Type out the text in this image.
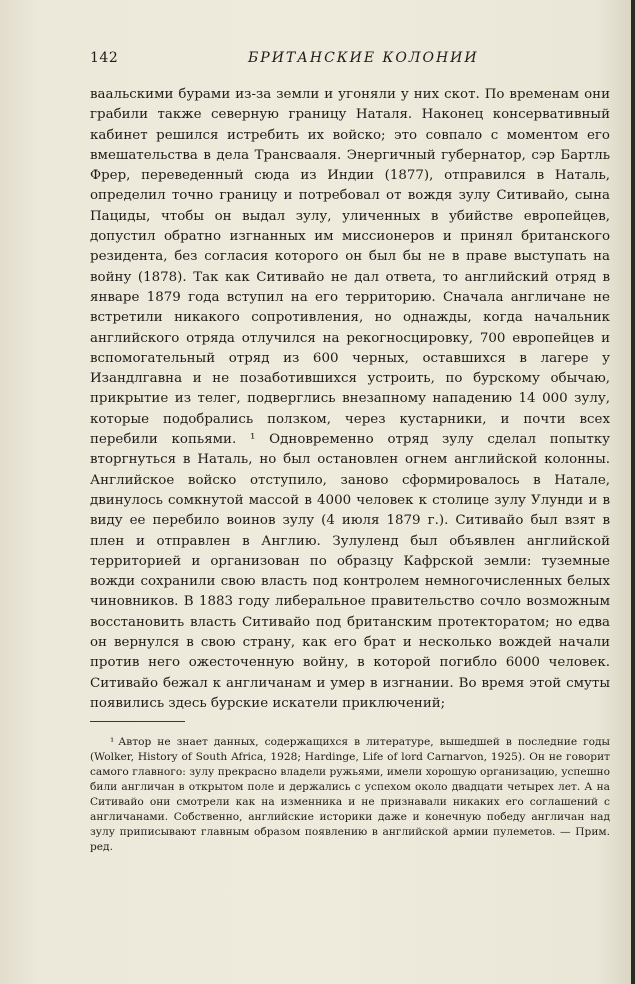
142	БРИТАНСКИЕ КОЛОНИИ

ваальскими бурами из-за земли и угоняли у них скот. По временам они грабили также северную границу Наталя. Наконец консервативный кабинет решился истребить их войско; это совпало с моментом его вмешательства в дела Трансвааля. Энергичный губернатор, сэр Бартль Фрер, переведенный сюда из Индии (1877), отправился в Наталь, определил точно границу и потребовал от вождя зулу Ситивайо, сына Пациды, чтобы он выдал зулу, уличенных в убийстве европейцев, допустил обратно изгнанных им миссионеров и принял британского резидента, без согласия которого он был бы не в праве выступать на войну (1878). Так как Ситивайо не дал ответа, то английский отряд в январе 1879 года вступил на его территорию. Сначала англичане не встретили никакого сопротивления, но однажды, когда начальник английского отряда отлучился на рекогносцировку, 700 европейцев и вспомогательный отряд из 600 черных, оставшихся в лагере у Изандлгавна и не позаботившихся устроить, по бурскому обычаю, прикрытие из телег, подверглись внезапному нападению 14 000 зулу, которые подобрались ползком, через кустарники, и почти всех перебили копьями. ¹ Одновременно отряд зулу сделал попытку вторгнуться в Наталь, но был остановлен огнем английской колонны. Английское войско отступило, заново сформировалось в Натале, двинулось сомкнутой массой в 4000 человек к столице зулу Улунди и в виду ее перебило воинов зулу (4 июля 1879 г.). Ситивайо был взят в плен и отправлен в Англию. Зулуленд был объявлен английской территорией и организован по образцу Кафрской земли: туземные вожди сохранили свою власть под контролем немногочисленных белых чиновников. В 1883 году либеральное правительство сочло возможным восстановить власть Ситивайо под британским протекторатом; но едва он вернулся в свою страну, как его брат и несколько вождей начали против него ожесточенную войну, в которой погибло 6000 человек. Ситивайо бежал к англичанам и умер в изгнании. Во время этой смуты появились здесь бурские искатели приключений;

¹ Автор не знает данных, содержащихся в литературе, вышедшей в последние годы (Wolker, History of South Africa, 1928; Hardinge, Life of lord Carnarvon, 1925). Он не говорит самого главного: зулу прекрасно владели ружьями, имели хорошую организацию, успешно били англичан в открытом поле и держались с успехом около двадцати четырех лет. А на Ситивайо они смотрели как на изменника и не признавали никаких его соглашений с англичанами. Собственно, английские историки даже и конечную победу англичан над зулу приписывают главным образом появлению в английской армии пулеметов. — Прим. ред.
